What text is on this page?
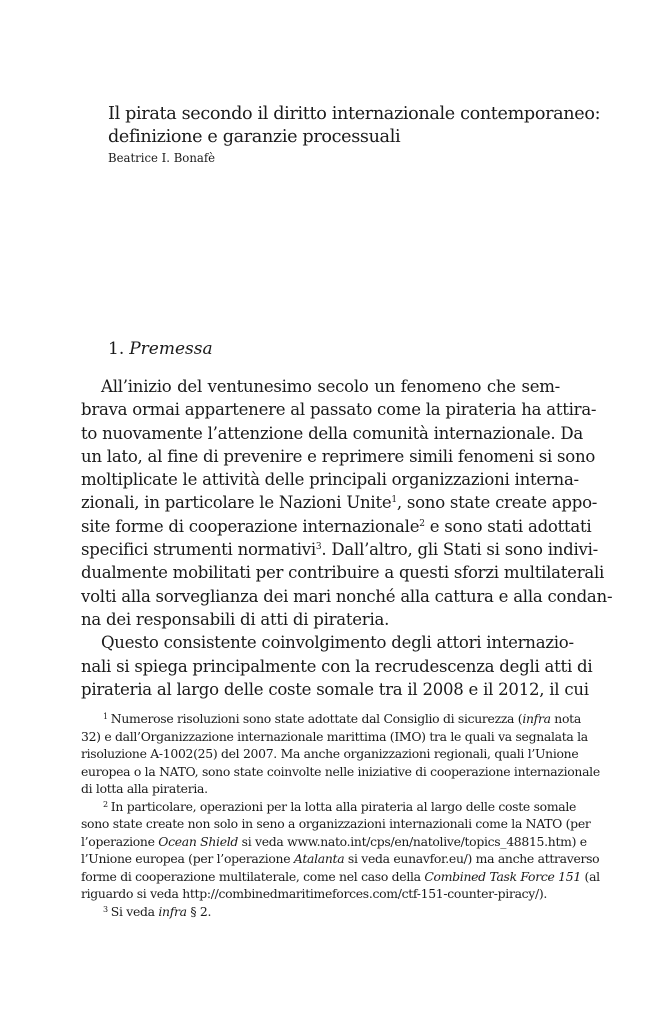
Il pirata secondo il diritto internazionale contemporaneo:
definizione e garanzie processuali
Beatrice I. Bonafè
1. Premessa

All’inizio del ventunesimo secolo un fenomeno che sem-
brava ormai appartenere al passato come la pirateria ha attira-
to nuovamente l’attenzione della comunità internazionale. Da
un lato, al fine di prevenire e reprimere simili fenomeni si sono
moltiplicate le attività delle principali organizzazioni interna-
zionali, in particolare le Nazioni Unite$^1$, sono state create appo-
site forme di cooperazione internazionale$^2$ e sono stati adottati
specifici strumenti normativi$^3$. Dall’altro, gli Stati si sono indivi-
dualmente mobilitati per contribuire a questi sforzi multilaterali
volti alla sorveglianza dei mari nonché alla cattura e alla condan-
na dei responsabili di atti di pirateria.

Questo consistente coinvolgimento degli attori internazio-
nali si spiega principalmente con la recrudescenza degli atti di
pirateria al largo delle coste somale tra il 2008 e il 2012, il cui

$^1$ Numerose risoluzioni sono state adottate dal Consiglio di sicurezza (infra nota
32) e dall’Organizzazione internazionale marittima (IMO) tra le quali va segnalata la
risoluzione A-1002(25) del 2007. Ma anche organizzazioni regionali, quali l’Unione
europea o la NATO, sono state coinvolte nelle iniziative di cooperazione internazionale
di lotta alla pirateria.
$^2$ In particolare, operazioni per la lotta alla pirateria al largo delle coste somale
sono state create non solo in seno a organizzazioni internazionali come la NATO (per
l’operazione Ocean Shield si veda www.nato.int/cps/en/natolive/topics_48815.htm) e
l’Unione europea (per l’operazione Atalanta si veda eunavfor.eu/) ma anche attraverso
forme di cooperazione multilaterale, come nel caso della Combined Task Force 151 (al
riguardo si veda http://combinedmaritimeforces.com/ctf-151-counter-piracy/).
$^3$ Si veda infra § 2.
